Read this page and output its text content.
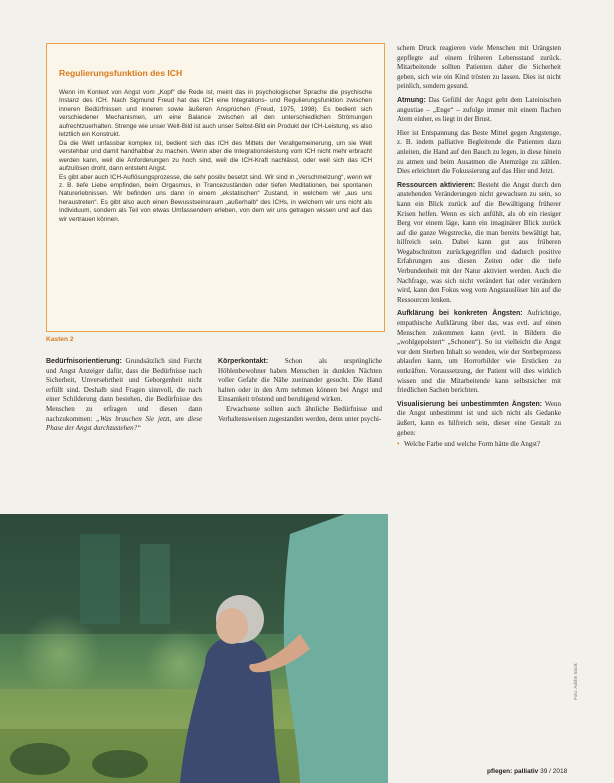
Regulierungsfunktion des ICH

Wenn im Kontext von Angst vom „Kopf“ die Rede ist, meint das in psychologischer Sprache die psychische Instanz des ICH. Nach Sigmund Freud hat das ICH eine Integrations- und Regulierungsfunktion zwischen inneren Bedürfnissen und inneren sowie äußeren Ansprüchen (Freud, 1975, 1998). Es bedient sich verschiedener Mechanismen, um eine Balance zwischen all den unterschiedlichen Strömungen aufrechtzuerhalten. Strenge wie unser Welt-Bild ist auch unser Selbst-Bild ein Produkt der ICH-Leistung, es also letztlich ein Konstrukt.

Da die Welt unfassbar komplex ist, bedient sich das ICH des Mittels der Verallgemeinerung, um sie Welt verstehbar und damit handhabbar zu machen. Wenn aber die Integrationsleistung vom ICH nicht mehr erbracht werden kann, weil die Anforderungen zu hoch sind, weil die ICH-Kraft nachlässt, oder weil sich das ICH aufzulösen droht, dann entsteht Angst.

Es gibt aber auch ICH-Auflösungsprozesse, die sehr positiv besetzt sind. Wir sind in „Verschmelzung“, wenn wir z. B. tiefe Liebe empfinden, beim Orgasmus, in Trancezuständen oder tiefen Meditationen, bei spontanen Naturerlebnissen. Wir befinden uns dann in einem „ekstatischen“ Zustand, in welchem wir „aus uns heraustreten“. Es gibt also auch einen Bewusstseinsraum „außerhalb“ des ICHs, in welchem wir uns nicht als Individuum, sondern als Teil von etwas Umfassendem erleben, von dem wir uns getragen wissen und auf das wir vertrauen können.

Kasten 2

Bedürfnisorientierung: Grundsätzlich sind Furcht und Angst Anzeiger dafür, dass die Bedürfnisse nach Sicherheit, Unversehrtheit und Geborgenheit nicht erfüllt sind. Deshalb sind Fragen sinnvoll, die nach einer Schilderung dann bestehen, die Bedürfnisse des Menschen zu erfragen und diesen dann nachzukommen: „Was brauchen Sie jetzt, um diese Phase der Angst durchzustehen?“

Körperkontakt: Schon als ursprüngliche Höhlenbewohner haben Menschen in dunklen Nächten voller Gefahr die Nähe zueinander gesucht. Die Hand halten oder in den Arm nehmen können bei Angst und Einsamkeit tröstend und beruhigend wirken.

Erwachsene sollten auch ähnliche Bedürfnisse und Verhaltensweisen zugestanden werden, denn unter psychi-

schem Druck reagieren viele Menschen mit Urängsten gepflegte auf einem früheren Lebensstand zurück. Mitarbeitende sollten Patienten daher die Sicherheit geben, sich wie ein Kind trösten zu lassen. Dies ist nicht peinlich, sondern gesund.

Atmung: Das Gefühl der Angst geht dem Lateinischen angustiae – „Enge“ – zufolge immer mit einem flachen Atem einher, es liegt in der Brust.

Hier ist Entspannung das Beste Mittel gegen Angstenge, z. B. indem palliative Begleitende die Patienten dazu anleiten, die Hand auf den Bauch zu legen, in diese hinein zu atmen und beim Ausatmen die Atemzüge zu zählen. Dies erleichtert die Fokussierung auf das Hier und Jetzt.

Ressourcen aktivieren: Besteht die Angst durch den anstehenden Veränderungen nicht gewachsen zu sein, so kann ein Blick zurück auf die Bewältigung früherer Krisen helfen. Wenn es sich anfühlt, als ob ein riesiger Berg vor einem läge, kann ein imaginärer Blick zurück auf die ganze Wegstrecke, die man bereits bewältigt hat, hilfreich sein. Dabei kann gut aus früheren Wegabschnitten zurückgegriffen und dadurch positive Erfahrungen aus diesen Zeiten oder die tiefe Verbundenheit mit der Natur aktiviert werden. Auch die Nachfrage, was sich nicht verändert hat oder verändern wird, kann den Fokus weg vom Angstauslöser hin auf die Ressourcen lenken.

Aufklärung bei konkreten Ängsten: Aufrichtige, empathische Aufklärung über das, was evtl. auf einen Menschen zukommen kann (evtl. in Bildern die „wohlgepolstert“ „Schonen“). So ist vielleicht die Angst vor dem Sterben Inhalt so wenden, wie der Sterbeprozess ablaufen kann, um Horrorbilder wie Ersticken zu entkräften. Voraussetzung, der Patient will dies wirklich wissen und die Mitarbeitende kann selbstsicher mit friedlichen Sachen berichten.

Visualisierung bei unbestimmten Ängsten: Wenn die Angst unbestimmt ist und sich nicht als Gedanke äußert, kann es hilfreich sein, dieser eine Gestalt zu geben:

• Welche Farbe und welche Form hätte die Angst?
Foto: Adobe Stock
pflegen: palliativ 39 / 2018
